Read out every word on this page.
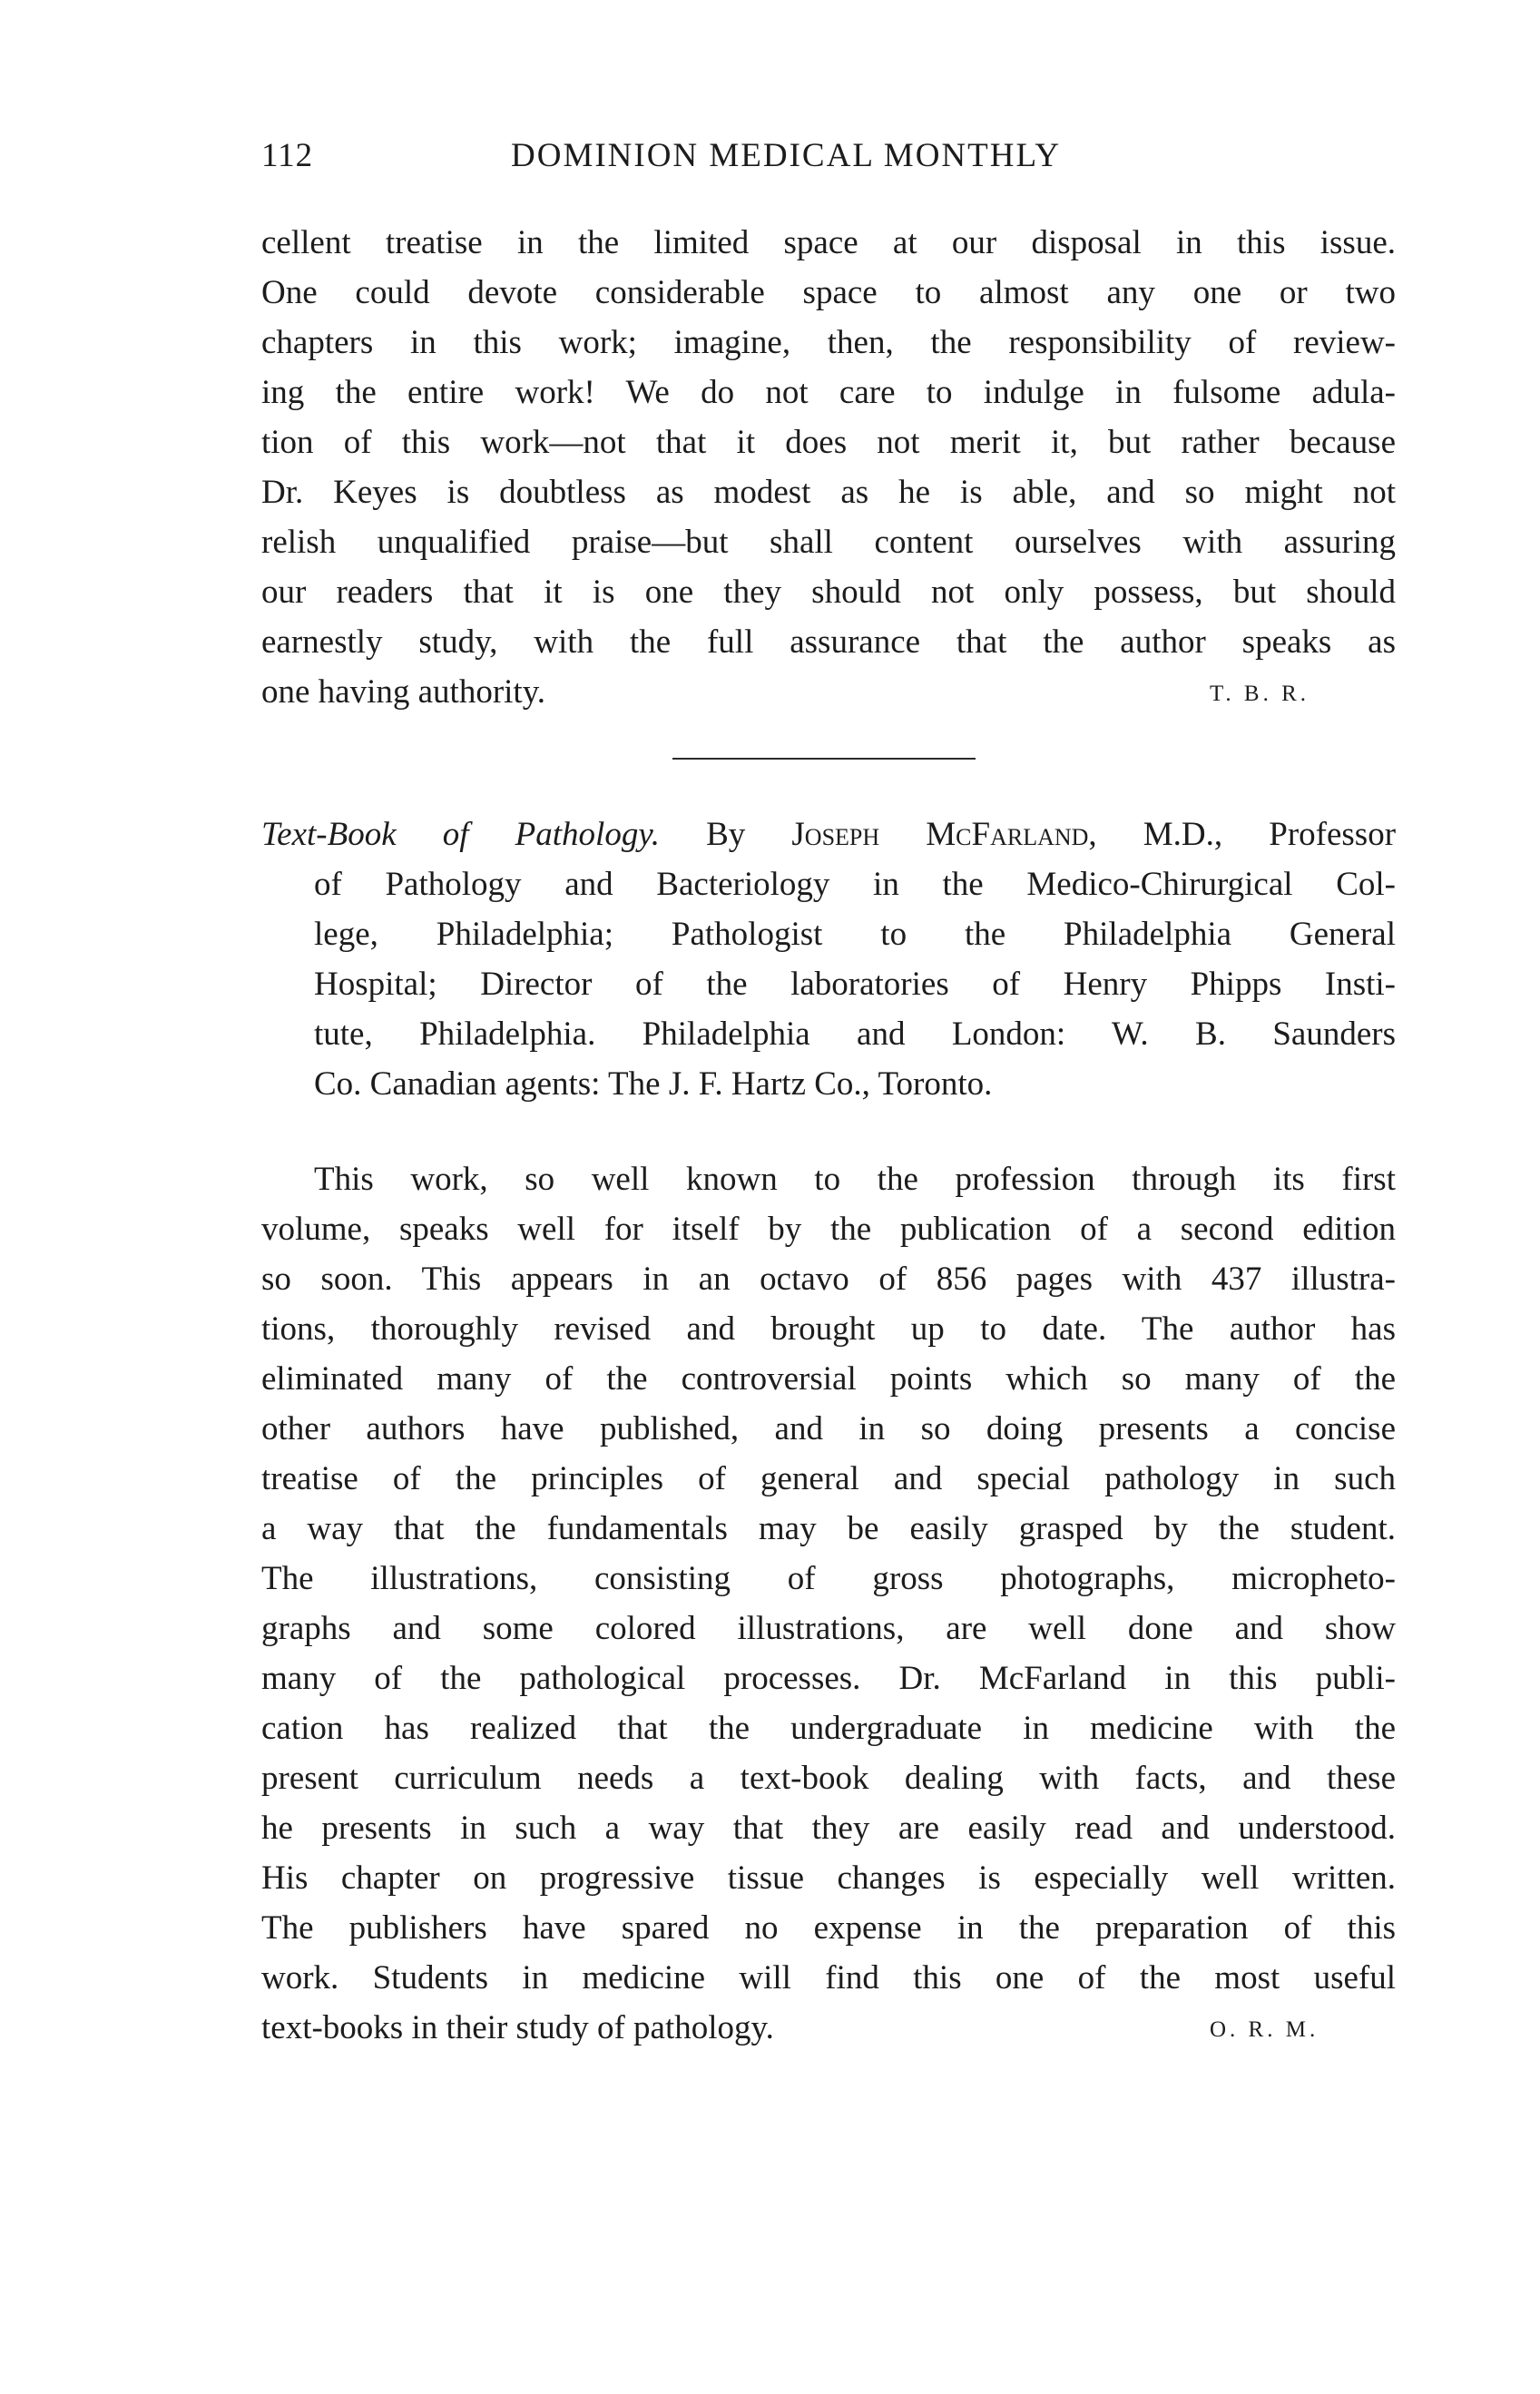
112	DOMINION MEDICAL MONTHLY
cellent treatise in the limited space at our disposal in this issue.
One could devote considerable space to almost any one or two
chapters in this work; imagine, then, the responsibility of review-
ing the entire work! We do not care to indulge in fulsome adula-
tion of this work—not that it does not merit it, but rather because
Dr. Keyes is doubtless as modest as he is able, and so might not
relish unqualified praise—but shall content ourselves with assuring
our readers that it is one they should not only possess, but should
earnestly study, with the full assurance that the author speaks as
one having authority.	T. B. R.
Text-Book of Pathology. By Joseph McFarland, M.D., Professor
of Pathology and Bacteriology in the Medico-Chirurgical Col-
lege, Philadelphia; Pathologist to the Philadelphia General
Hospital; Director of the laboratories of Henry Phipps Insti-
tute, Philadelphia. Philadelphia and London: W. B. Saunders
Co. Canadian agents: The J. F. Hartz Co., Toronto.
This work, so well known to the profession through its first
volume, speaks well for itself by the publication of a second edition
so soon. This appears in an octavo of 856 pages with 437 illustra-
tions, thoroughly revised and brought up to date. The author has
eliminated many of the controversial points which so many of the
other authors have published, and in so doing presents a concise
treatise of the principles of general and special pathology in such
a way that the fundamentals may be easily grasped by the student.
The illustrations, consisting of gross photographs, micropheto-
graphs and some colored illustrations, are well done and show
many of the pathological processes. Dr. McFarland in this publi-
cation has realized that the undergraduate in medicine with the
present curriculum needs a text-book dealing with facts, and these
he presents in such a way that they are easily read and understood.
His chapter on progressive tissue changes is especially well written.
The publishers have spared no expense in the preparation of this
work. Students in medicine will find this one of the most useful
text-books in their study of pathology.	O. R. M.
